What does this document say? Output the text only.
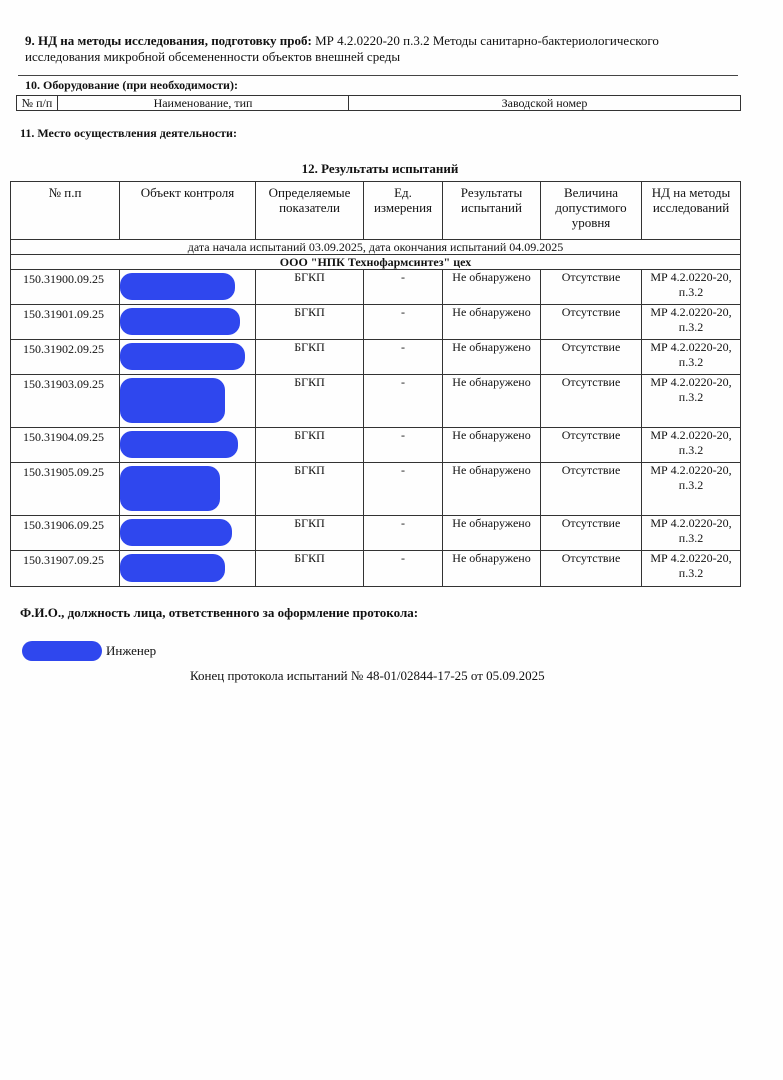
9. НД на методы исследования, подготовку проб: МР 4.2.0220-20 п.3.2 Методы санитарно-бактериологического исследования микробной обсемененности объектов внешней среды
10. Оборудование (при необходимости):
№ п/п	Наименование, тип	Заводской номер
11. Место осуществления деятельности:
12. Результаты испытаний
№ п.п	Объект контроля	Определяемые показатели	Ед. измерения	Результаты испытаний	Величина допустимого уровня	НД на методы исследований
дата начала испытаний 03.09.2025, дата окончания испытаний 04.09.2025						
ООО "НПК Технофармсинтез" цех						
150.31900.09.25		БГКП	-	Не обнаружено	Отсутствие	МР 4.2.0220-20, п.3.2
150.31901.09.25		БГКП	-	Не обнаружено	Отсутствие	МР 4.2.0220-20, п.3.2
150.31902.09.25		БГКП	-	Не обнаружено	Отсутствие	МР 4.2.0220-20, п.3.2
150.31903.09.25		БГКП	-	Не обнаружено	Отсутствие	МР 4.2.0220-20, п.3.2
150.31904.09.25		БГКП	-	Не обнаружено	Отсутствие	МР 4.2.0220-20, п.3.2
150.31905.09.25		БГКП	-	Не обнаружено	Отсутствие	МР 4.2.0220-20, п.3.2
150.31906.09.25		БГКП	-	Не обнаружено	Отсутствие	МР 4.2.0220-20, п.3.2
150.31907.09.25		БГКП	-	Не обнаружено	Отсутствие	МР 4.2.0220-20, п.3.2
Ф.И.О., должность лица, ответственного за оформление протокола:
Инженер
Конец протокола испытаний № 48-01/02844-17-25 от 05.09.2025
